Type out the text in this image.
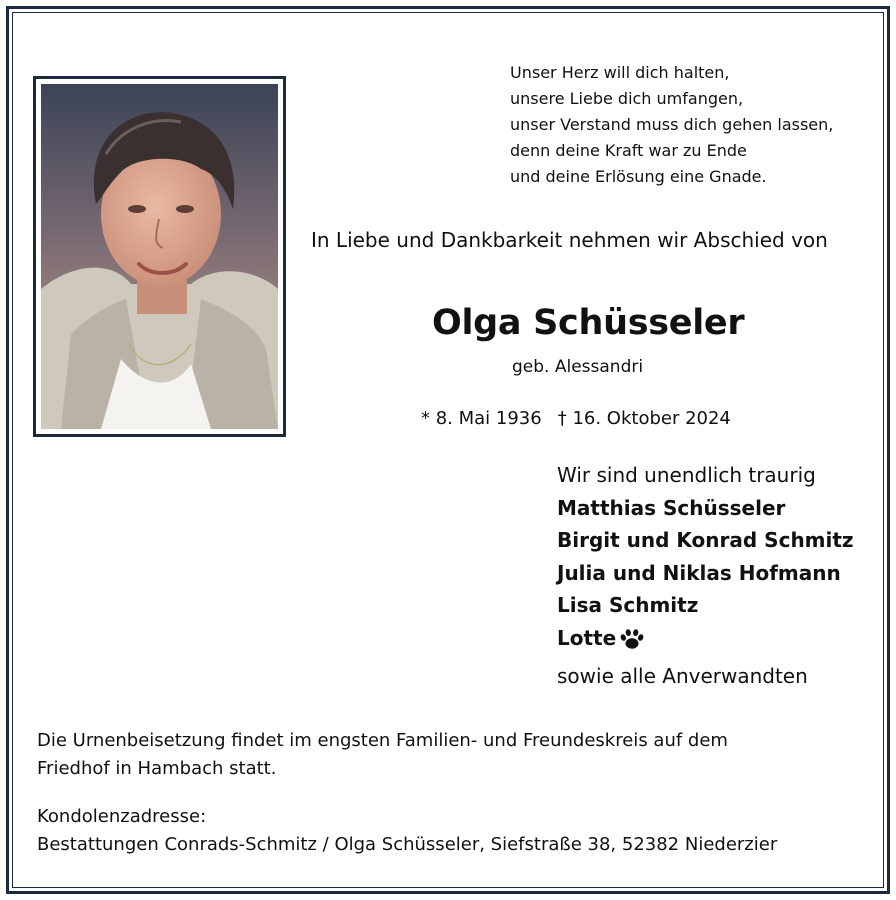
Unser Herz will dich halten,
unsere Liebe dich umfangen,
unser Verstand muss dich gehen lassen,
denn deine Kraft war zu Ende
und deine Erlösung eine Gnade.
In Liebe und Dankbarkeit nehmen wir Abschied von
Olga Schüsseler
geb. Alessandri
* 8. Mai 1936 † 16. Oktober 2024
Wir sind unendlich traurig
Matthias Schüsseler
Birgit und Konrad Schmitz
Julia und Niklas Hofmann
Lisa Schmitz
Lotte
sowie alle Anverwandten
Die Urnenbeisetzung findet im engsten Familien- und Freundeskreis auf dem
Friedhof in Hambach statt.
Kondolenzadresse:
Bestattungen Conrads-Schmitz / Olga Schüsseler, Siefstraße 38, 52382 Niederzier
